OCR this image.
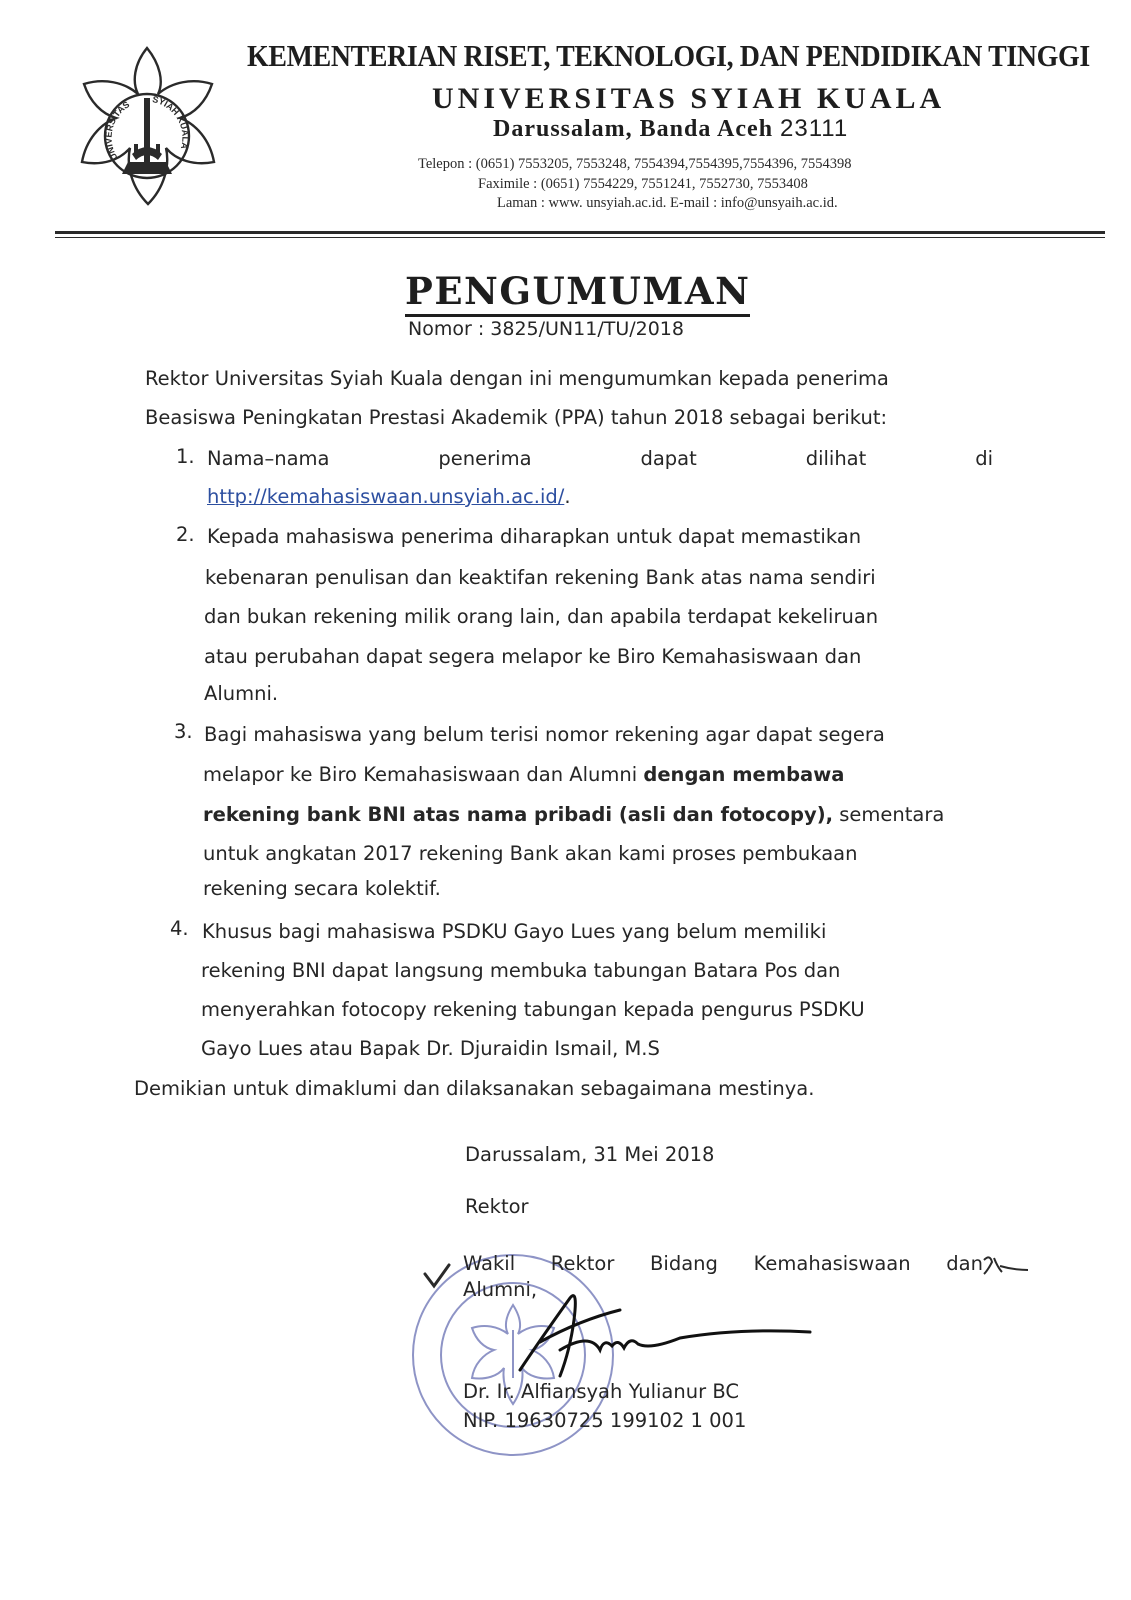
UNIVERSITAS SYIAH KUALA
KEMENTERIAN RISET, TEKNOLOGI, DAN PENDIDIKAN TINGGI
UNIVERSITAS SYIAH KUALA
Darussalam, Banda Aceh 23111
Telepon : (0651) 7553205, 7553248, 7554394,7554395,7554396, 7554398
Faximile : (0651) 7554229, 7551241, 7552730, 7553408
Laman : www. unsyiah.ac.id. E-mail : info@unsyaih.ac.id.
PENGUMUMAN
Nomor : 3825/UN11/TU/2018
Rektor Universitas Syiah Kuala dengan ini mengumumkan kepada penerima
Beasiswa Peningkatan Prestasi Akademik (PPA) tahun 2018 sebagai berikut:
1. Nama–nama	penerima	dapat	dilihat	di
http://kemahasiswaan.unsyiah.ac.id/.
2. Kepada mahasiswa penerima diharapkan untuk dapat memastikan
kebenaran penulisan dan keaktifan rekening Bank atas nama sendiri
dan bukan rekening milik orang lain, dan apabila terdapat kekeliruan
atau perubahan dapat segera melapor ke Biro Kemahasiswaan dan
Alumni.
3. Bagi mahasiswa yang belum terisi nomor rekening agar dapat segera
melapor ke Biro Kemahasiswaan dan Alumni dengan membawa
rekening bank BNI atas nama pribadi (asli dan fotocopy), sementara
untuk angkatan 2017 rekening Bank akan kami proses pembukaan
rekening secara kolektif.
4. Khusus bagi mahasiswa PSDKU Gayo Lues yang belum memiliki
rekening BNI dapat langsung membuka tabungan Batara Pos dan
menyerahkan fotocopy rekening tabungan kepada pengurus PSDKU
Gayo Lues atau Bapak Dr. Djuraidin Ismail, M.S
Demikian untuk dimaklumi dan dilaksanakan sebagaimana mestinya.
Darussalam, 31 Mei 2018
Rektor
Wakil Rektor Bidang Kemahasiswaan dan
Alumni,
Dr. Ir. Alfiansyah Yulianur BC
NIP. 19630725 199102 1 001
